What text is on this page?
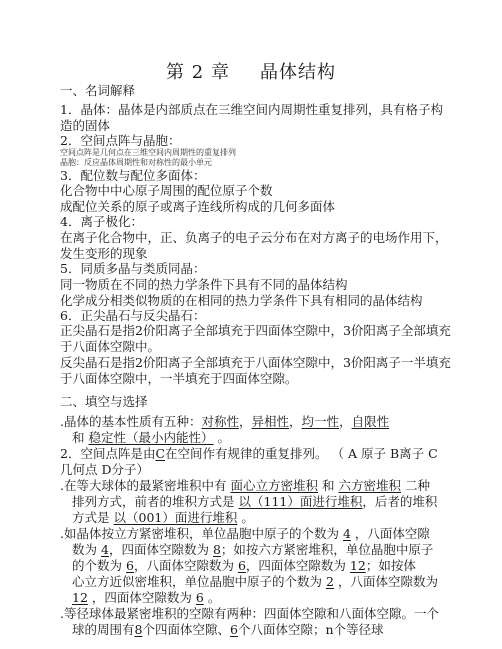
第 2 章 晶体结构
一、名词解释
1．晶体：晶体是内部质点在三维空间内周期性重复排列，具有格子构
造的固体
2．空间点阵与晶胞：
空间点阵是几何点在三维空间内周期性的重复排列
晶胞：反应晶体周期性和对称性的最小单元
3．配位数与配位多面体：
化合物中中心原子周围的配位原子个数
成配位关系的原子或离子连线所构成的几何多面体
4．离子极化：
在离子化合物中，正、负离子的电子云分布在对方离子的电场作用下，
发生变形的现象
5．同质多晶与类质同晶：
同一物质在不同的热力学条件下具有不同的晶体结构
化学成分相类似物质的在相同的热力学条件下具有相同的晶体结构
6．正尖晶石与反尖晶石：
正尖晶石是指2价阳离子全部填充于四面体空隙中，3价阳离子全部填充
于八面体空隙中。
反尖晶石是指2价阳离子全部填充于八面体空隙中，3价阳离子一半填充
于八面体空隙中，一半填充于四面体空隙。
二、填空与选择
.晶体的基本性质有五种：对称性，异相性，均一性，自限性
和 稳定性（最小内能性） 。
2．空间点阵是由C在空间作有规律的重复排列。 （ A 原子 B离子 C
几何点 D分子）
.在等大球体的最紧密堆积中有 面心立方密堆积 和 六方密堆积 二种
排列方式，前者的堆积方式是 以（111）面进行堆积，后者的堆积
方式是 以（001）面进行堆积 。
.如晶体按立方紧密堆积，单位晶胞中原子的个数为 4 ，八面体空隙
数为 4，四面体空隙数为 8；如按六方紧密堆积，单位晶胞中原子
的个数为 6，八面体空隙数为 6，四面体空隙数为 12；如按体
心立方近似密堆积，单位晶胞中原子的个数为 2 ，八面体空隙数为
12 ，四面体空隙数为 6 。
.等径球体最紧密堆积的空隙有两种：四面体空隙和八面体空隙。一个
球的周围有8个四面体空隙、6个八面体空隙；n个等径球
